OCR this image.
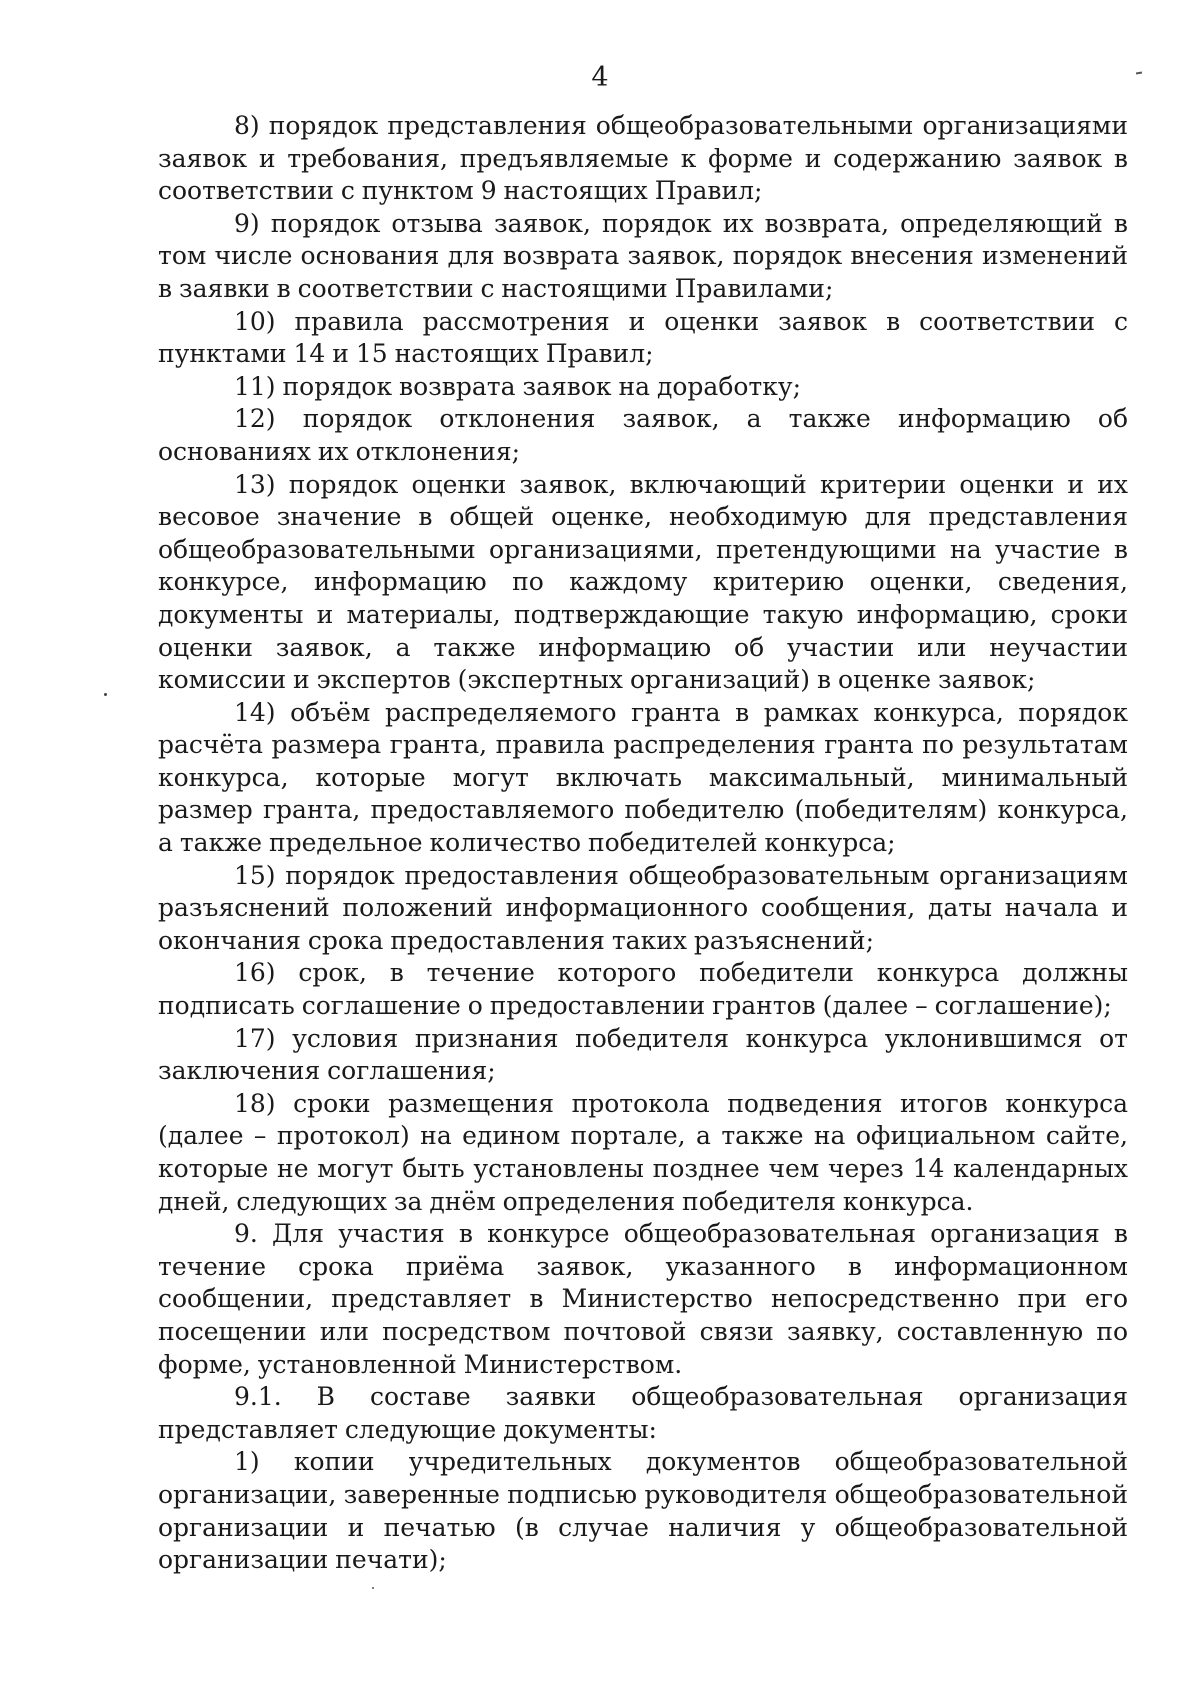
4

8) порядок представления общеобразовательными организациями заявок и требования, предъявляемые к форме и содержанию заявок в соответствии с пунктом 9 настоящих Правил;

9) порядок отзыва заявок, порядок их возврата, определяющий в том числе основания для возврата заявок, порядок внесения изменений в заявки в соответствии с настоящими Правилами;

10) правила рассмотрения и оценки заявок в соответствии с пунктами 14 и 15 настоящих Правил;

11) порядок возврата заявок на доработку;

12) порядок отклонения заявок, а также информацию об основаниях их отклонения;

13) порядок оценки заявок, включающий критерии оценки и их весовое значение в общей оценке, необходимую для представления общеобразовательными организациями, претендующими на участие в конкурсе, информацию по каждому критерию оценки, сведения, документы и материалы, подтверждающие такую информацию, сроки оценки заявок, а также информацию об участии или неучастии комиссии и экспертов (экспертных организаций) в оценке заявок;

14) объём распределяемого гранта в рамках конкурса, порядок расчёта размера гранта, правила распределения гранта по результатам конкурса, которые могут включать максимальный, минимальный размер гранта, предоставляемого победителю (победителям) конкурса, а также предельное количество победителей конкурса;

15) порядок предоставления общеобразовательным организациям разъяснений положений информационного сообщения, даты начала и окончания срока предоставления таких разъяснений;

16) срок, в течение которого победители конкурса должны подписать соглашение о предоставлении грантов (далее – соглашение);

17) условия признания победителя конкурса уклонившимся от заключения соглашения;

18) сроки размещения протокола подведения итогов конкурса (далее – протокол) на едином портале, а также на официальном сайте, которые не могут быть установлены позднее чем через 14 календарных дней, следующих за днём определения победителя конкурса.

9. Для участия в конкурсе общеобразовательная организация в течение срока приёма заявок, указанного в информационном сообщении, представляет в Министерство непосредственно при его посещении или посредством почтовой связи заявку, составленную по форме, установленной Министерством.

9.1. В составе заявки общеобразовательная организация представляет следующие документы:

1) копии учредительных документов общеобразовательной организации, заверенные подписью руководителя общеобразовательной организации и печатью (в случае наличия у общеобразовательной организации печати);
